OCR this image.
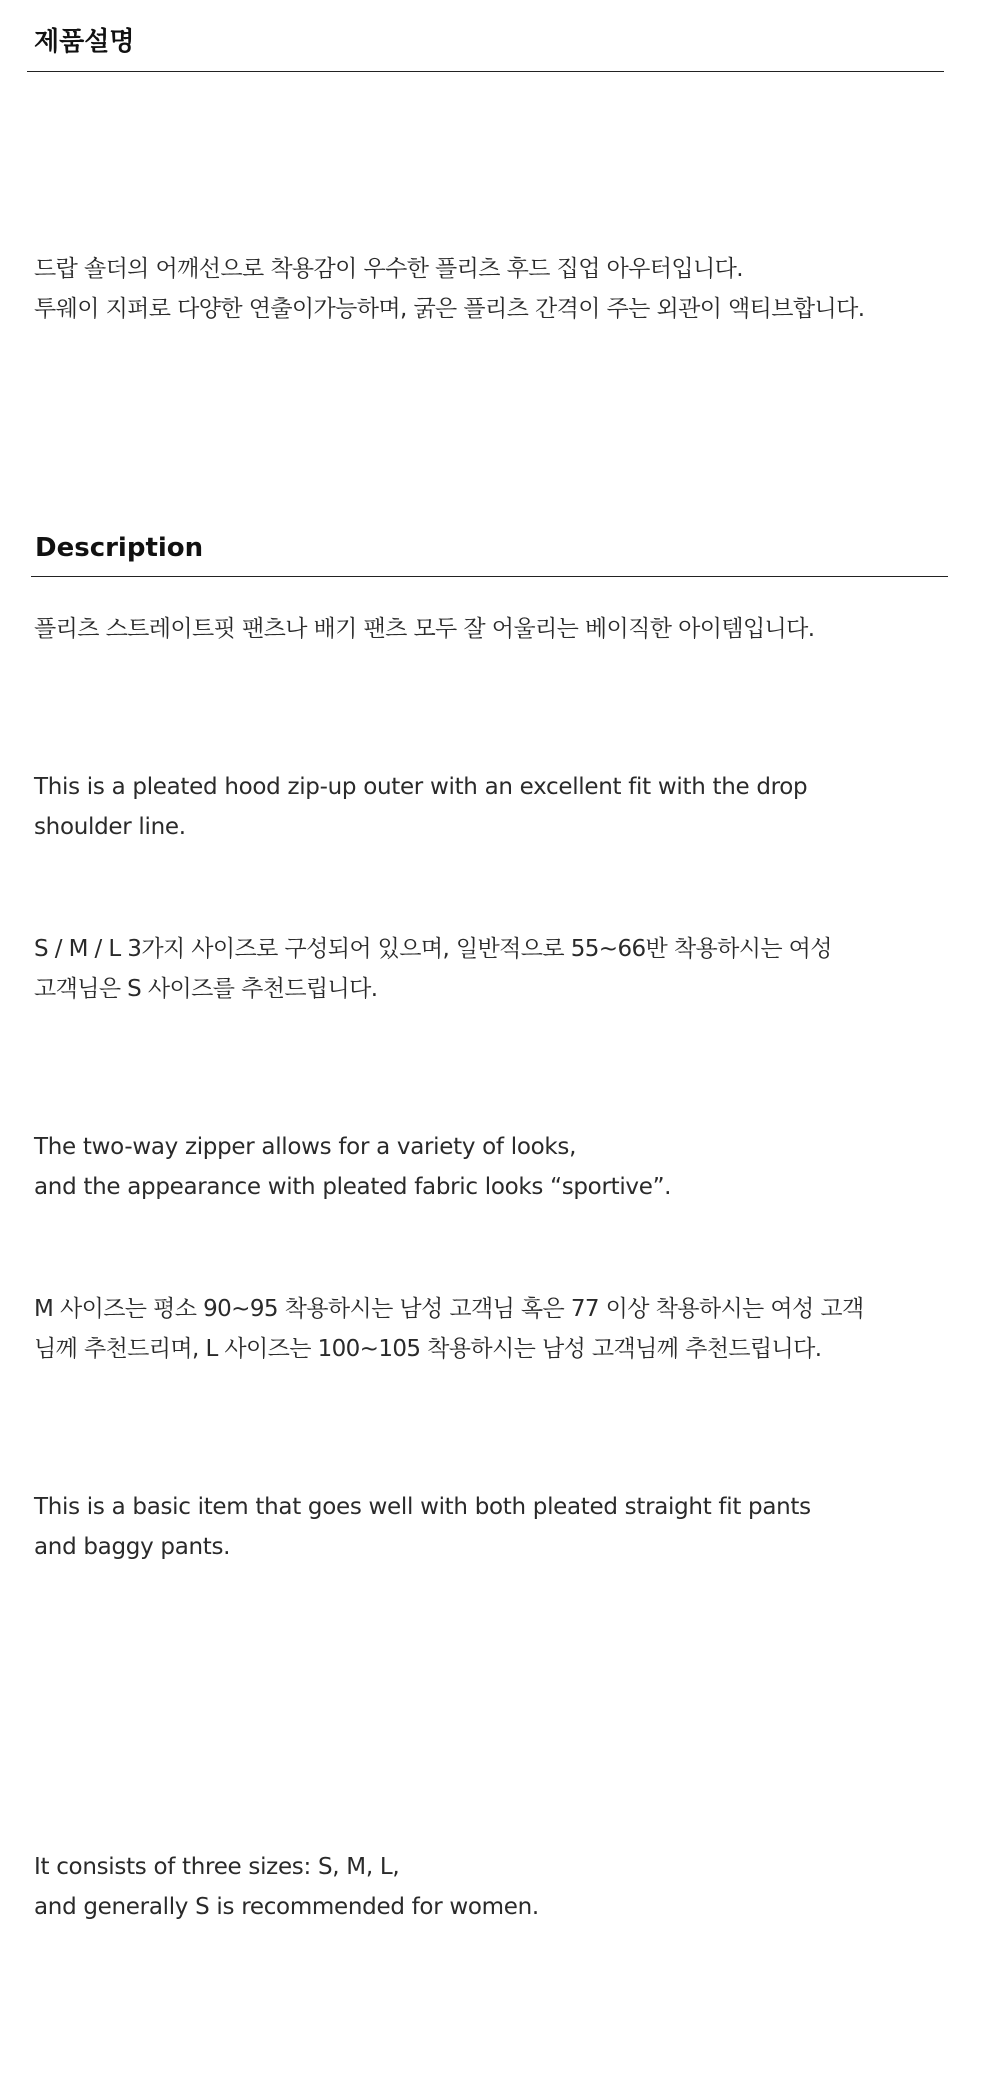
제품설명

드랍 숄더의 어깨선으로 착용감이 우수한 플리츠 후드 집업 아우터입니다.
투웨이 지퍼로 다양한 연출이가능하며, 굵은 플리츠 간격이 주는 외관이 액티브합니다.

플리츠 스트레이트핏 팬츠나 배기 팬츠 모두 잘 어울리는 베이직한 아이템입니다.

S / M / L 3가지 사이즈로 구성되어 있으며, 일반적으로 55~66반 착용하시는 여성
고객님은 S 사이즈를 추천드립니다.

M 사이즈는 평소 90~95 착용하시는 남성 고객님 혹은 77 이상 착용하시는 여성 고객
님께 추천드리며, L 사이즈는 100~105 착용하시는 남성 고객님께 추천드립니다.

Description

This is a pleated hood zip-up outer with an excellent fit with the drop
shoulder line.

The two-way zipper allows for a variety of looks,
and the appearance with pleated fabric looks “sportive”.

This is a basic item that goes well with both pleated straight fit pants
and baggy pants.

It consists of three sizes: S, M, L,
and generally S is recommended for women.
